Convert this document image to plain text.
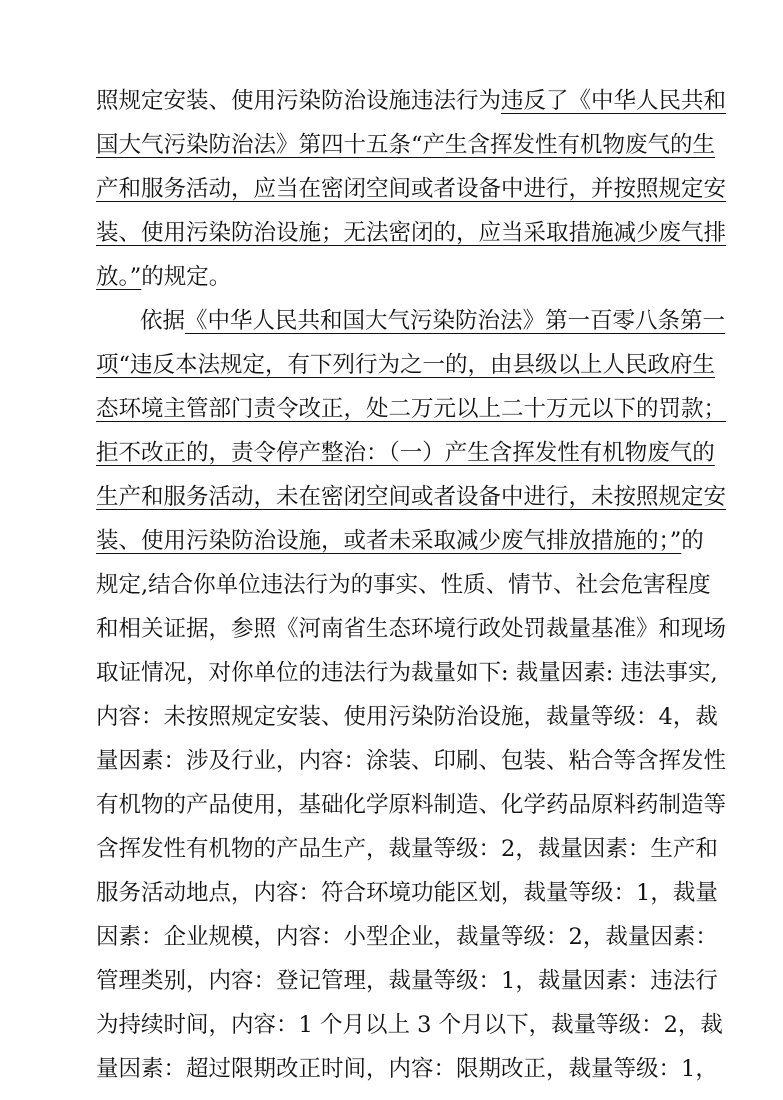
照规定安装、使用污染防治设施违法行为违反了《中华人民共和
国大气污染防治法》第四十五条“产生含挥发性有机物废气的生
产和服务活动，应当在密闭空间或者设备中进行，并按照规定安
装、使用污染防治设施；无法密闭的，应当采取措施减少废气排
放。”的规定。
依据《中华人民共和国大气污染防治法》第一百零八条第一
项“违反本法规定，有下列行为之一的，由县级以上人民政府生
态环境主管部门责令改正，处二万元以上二十万元以下的罚款；
拒不改正的，责令停产整治：（一）产生含挥发性有机物废气的
生产和服务活动，未在密闭空间或者设备中进行，未按照规定安
装、使用污染防治设施，或者未采取减少废气排放措施的；”的
规定,结合你单位违法行为的事实、性质、情节、社会危害程度
和相关证据，参照《河南省生态环境行政处罚裁量基准》和现场
取证情况，对你单位的违法行为裁量如下: 裁量因素: 违法事实,
内容：未按照规定安装、使用污染防治设施，裁量等级：4，裁
量因素：涉及行业，内容：涂装、印刷、包装、粘合等含挥发性
有机物的产品使用，基础化学原料制造、化学药品原料药制造等
含挥发性有机物的产品生产，裁量等级：2，裁量因素：生产和
服务活动地点，内容：符合环境功能区划，裁量等级：1，裁量
因素：企业规模，内容：小型企业，裁量等级：2，裁量因素：
管理类别，内容：登记管理，裁量等级：1，裁量因素：违法行
为持续时间，内容：1 个月以上 3 个月以下，裁量等级：2，裁
量因素：超过限期改正时间，内容：限期改正，裁量等级：1，
